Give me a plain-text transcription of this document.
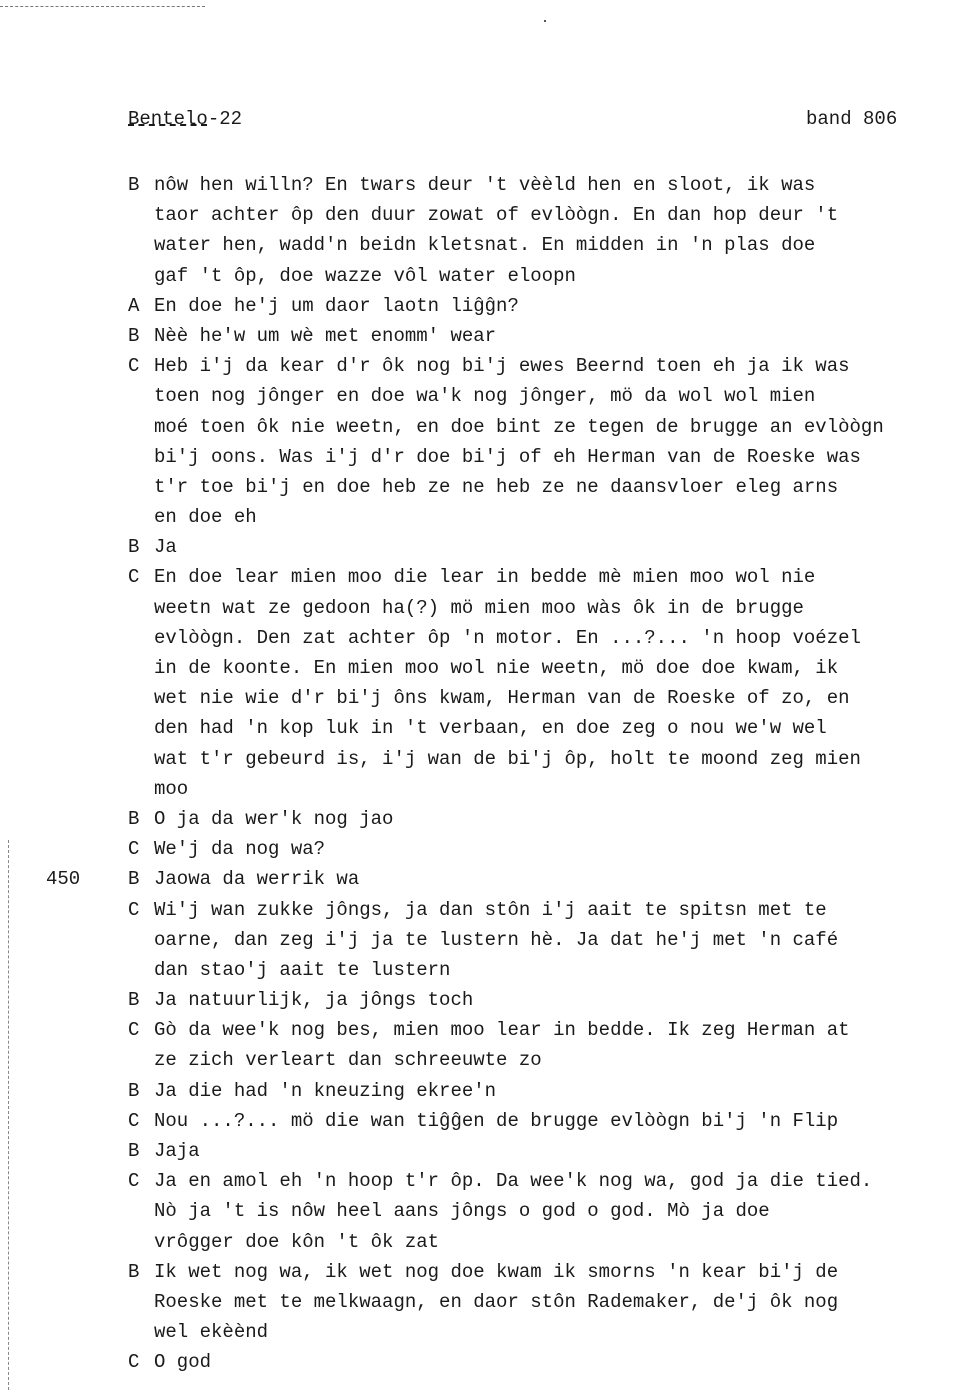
Bentelo-22	band 806
B nôw hen willn? En twars deur 't vèèld hen en sloot, ik was
taor achter ôp den duur zowat of evlòògn. En dan hop deur 't
water hen, wadd'n beidn kletsnat. En midden in 'n plas doe
gaf 't ôp, doe wazze vôl water eloopn
A En doe he'j um daor laotn liĝĝn?
B Nèè he'w um wè met enomm' wear
C Heb i'j da kear d'r ôk nog bi'j ewes Beernd toen eh ja ik was
toen nog jônger en doe wa'k nog jônger, mö da wol wol mien
moé toen ôk nie weetn, en doe bint ze tegen de brugge an evlòògn
bi'j oons. Was i'j d'r doe bi'j of eh Herman van de Roeske was
t'r toe bi'j en doe heb ze ne heb ze ne daansvloer eleg arns
en doe eh
B Ja
C En doe lear mien moo die lear in bedde mè mien moo wol nie
weetn wat ze gedoon ha(?) mö mien moo wàs ôk in de brugge
evlòògn. Den zat achter ôp 'n motor. En ...?... 'n hoop voézel
in de koonte. En mien moo wol nie weetn, mö doe doe kwam, ik
wet nie wie d'r bi'j ôns kwam, Herman van de Roeske of zo, en
den had 'n kop luk in 't verbaan, en doe zeg o nou we'w wel
wat t'r gebeurd is, i'j wan de bi'j ôp, holt te moond zeg mien
moo
B O ja da wer'k nog jao
C We'j da nog wa?
450	B Jaowa da werrik wa
C Wi'j wan zukke jôngs, ja dan stôn i'j aait te spitsn met te
oarne, dan zeg i'j ja te lustern hè. Ja dat he'j met 'n café
dan stao'j aait te lustern
B Ja natuurlijk, ja jôngs toch
C Gò da wee'k nog bes, mien moo lear in bedde. Ik zeg Herman at
ze zich verleart dan schreeuwte zo
B Ja die had 'n kneuzing ekree'n
C Nou ...?... mö die wan tiĝĝen de brugge evlòògn bi'j 'n Flip
B Jaja
C Ja en amol eh 'n hoop t'r ôp. Da wee'k nog wa, god ja die tied.
Nò ja 't is nôw heel aans jôngs o god o god. Mò ja doe
vrôgger doe kôn 't ôk zat
B Ik wet nog wa, ik wet nog doe kwam ik smorns 'n kear bi'j de
Roeske met te melkwaagn, en daor stôn Rademaker, de'j ôk nog
wel ekèènd
C O god
